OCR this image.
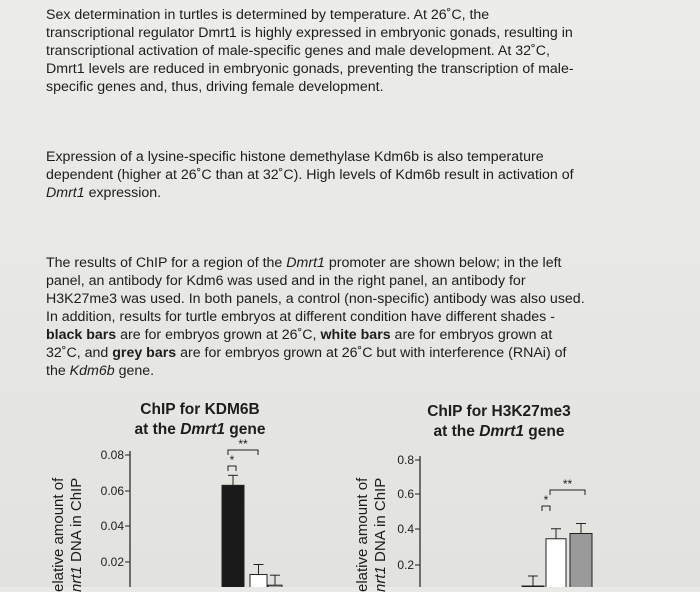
Sex determination in turtles is determined by temperature. At 26˚C, the
transcriptional regulator Dmrt1 is highly expressed in embryonic gonads, resulting in
transcriptional activation of male-specific genes and male development. At 32˚C,
Dmrt1 levels are reduced in embryonic gonads, preventing the transcription of male-
specific genes and, thus, driving female development.

Expression of a lysine-specific histone demethylase Kdm6b is also temperature
dependent (higher at 26˚C than at 32˚C). High levels of Kdm6b result in activation of
Dmrt1 expression.

The results of ChIP for a region of the Dmrt1 promoter are shown below; in the left
panel, an antibody for Kdm6 was used and in the right panel, an antibody for
H3K27me3 was used. In both panels, a control (non-specific) antibody was also used.
In addition, results for turtle embryos at different condition have different shades -
black bars are for embryos grown at 26˚C, white bars are for embryos grown at
32˚C, and grey bars are for embryos grown at 26˚C but with interference (RNAi) of
the Kdm6b gene.

ChIP for KDM6B
at the Dmrt1 gene
ChIP for H3K27me3
at the Dmrt1 gene
elative amount of nrt1 DNA in ChIP	elative amount of nrt1 DNA in ChIP
0.08
0.06
0.04
0.02
**
*	0.8
0.6
0.4
0.2
**
*
